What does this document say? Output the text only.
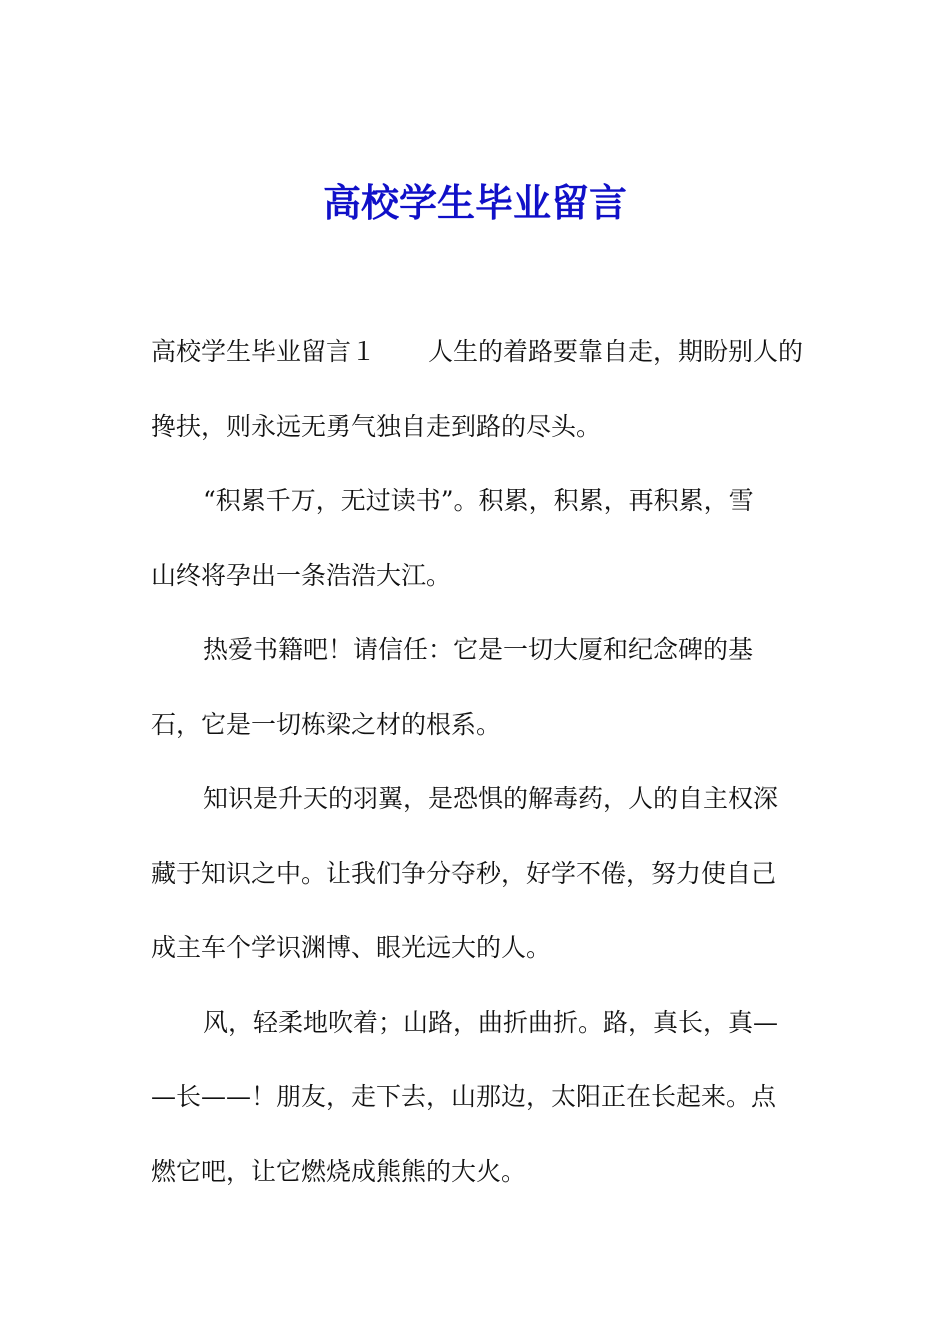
高校学生毕业留言
高校学生毕业留言１ 人生的着路要靠自走，期盼别人的
搀扶，则永远无勇气独自走到路的尽头。
“积累千万，无过读书”。积累，积累，再积累，雪
山终将孕出一条浩浩大江。
热爱书籍吧！请信任：它是一切大厦和纪念碑的基
石，它是一切栋梁之材的根系。
知识是升天的羽翼，是恐惧的解毒药，人的自主权深
藏于知识之中。让我们争分夺秒，好学不倦，努力使自己
成主车个学识渊博、眼光远大的人。
风，轻柔地吹着；山路，曲折曲折。路，真长，真—
—长——！朋友，走下去，山那边，太阳正在长起来。点
燃它吧，让它燃烧成熊熊的大火。
